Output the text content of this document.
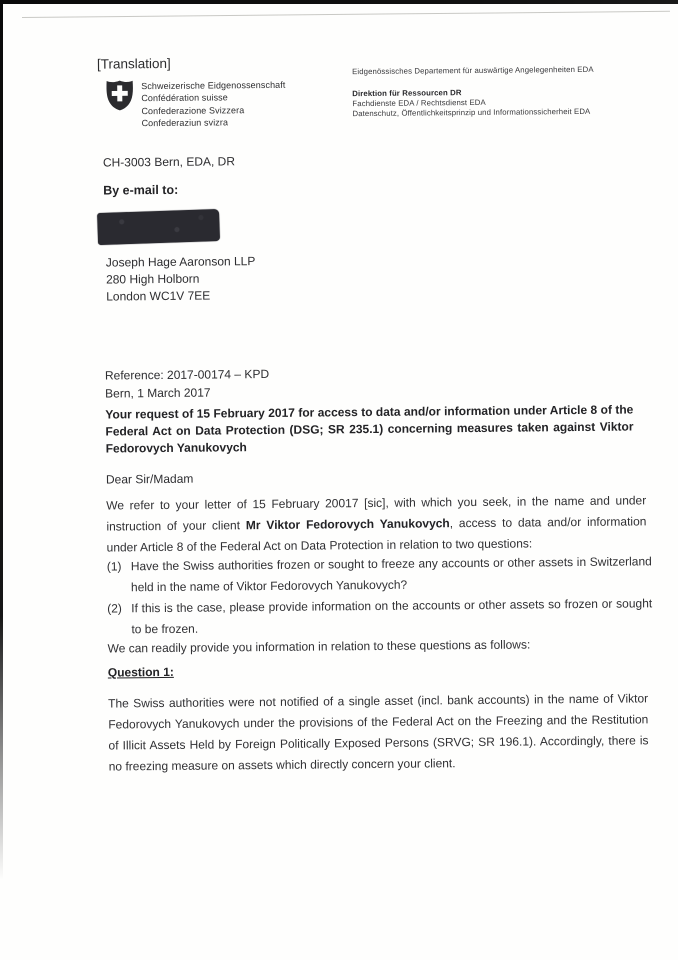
[Translation]
Schweizerische Eidgenossenschaft
Confédération suisse
Confederazione Svizzera
Confederaziun svizra
Eidgenössisches Departement für auswärtige Angelegenheiten EDA
Direktion für Ressourcen DR
Fachdienste EDA / Rechtsdienst EDA
Datenschutz, Öffentlichkeitsprinzip und Informationssicherheit EDA
CH-3003 Bern, EDA, DR
By e-mail to:
Joseph Hage Aaronson LLP
280 High Holborn
London WC1V 7EE
Reference: 2017-00174 – KPD
Bern, 1 March 2017
Your request of 15 February 2017 for access to data and/or information under Article 8 of the Federal Act on Data Protection (DSG; SR 235.1) concerning measures taken against Viktor Fedorovych Yanukovych
Dear Sir/Madam
We refer to your letter of 15 February 20017 [sic], with which you seek, in the name and under instruction of your client Mr Viktor Fedorovych Yanukovych, access to data and/or information under Article 8 of the Federal Act on Data Protection in relation to two questions:
(1) Have the Swiss authorities frozen or sought to freeze any accounts or other assets in Switzerland held in the name of Viktor Fedorovych Yanukovych?
(2) If this is the case, please provide information on the accounts or other assets so frozen or sought to be frozen.
We can readily provide you information in relation to these questions as follows:
Question 1:
The Swiss authorities were not notified of a single asset (incl. bank accounts) in the name of Viktor Fedorovych Yanukovych under the provisions of the Federal Act on the Freezing and the Restitution of Illicit Assets Held by Foreign Politically Exposed Persons (SRVG; SR 196.1). Accordingly, there is no freezing measure on assets which directly concern your client.
